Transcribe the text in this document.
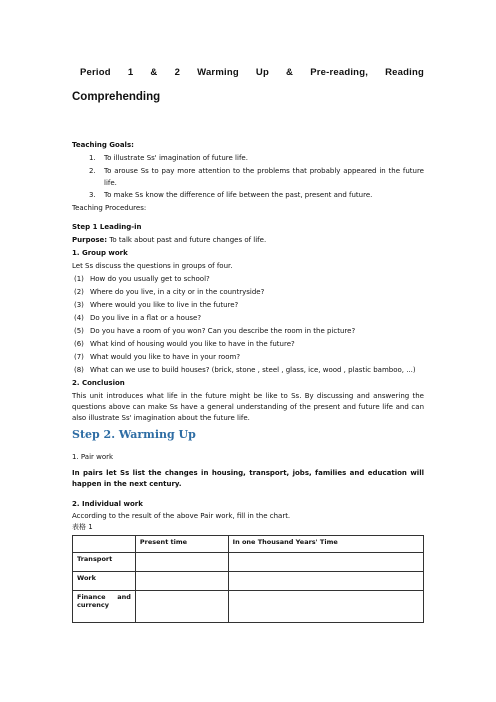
Period 1 & 2 Warming Up & Pre-reading, Reading
Comprehending
Teaching Goals:
1. To illustrate Ss' imagination of future life.
2. To arouse Ss to pay more attention to the problems that probably appeared in the future life.
3. To make Ss know the difference of life between the past, present and future.
Teaching Procedures:
Step 1 Leading-in
Purpose: To talk about past and future changes of life.
1. Group work
Let Ss discuss the questions in groups of four.
(1) How do you usually get to school?
(2) Where do you live, in a city or in the countryside?
(3) Where would you like to live in the future?
(4) Do you live in a flat or a house?
(5) Do you have a room of you won? Can you describe the room in the picture?
(6) What kind of housing would you like to have in the future?
(7) What would you like to have in your room?
(8) What can we use to build houses? (brick, stone , steel , glass, ice, wood , plastic bamboo, ...)
2. Conclusion
This unit introduces what life in the future might be like to Ss. By discussing and answering the questions above can make Ss have a general understanding of the present and future life and can also illustrate Ss' imagination about the future life.
Step 2. Warming Up
1. Pair work
In pairs let Ss list the changes in housing, transport, jobs, families and education will happen in the next century.
2. Individual work
According to the result of the above Pair work, fill in the chart.
表格 1
	Present time	In one Thousand Years' Time
Transport		
Work		
Finance and currency		
